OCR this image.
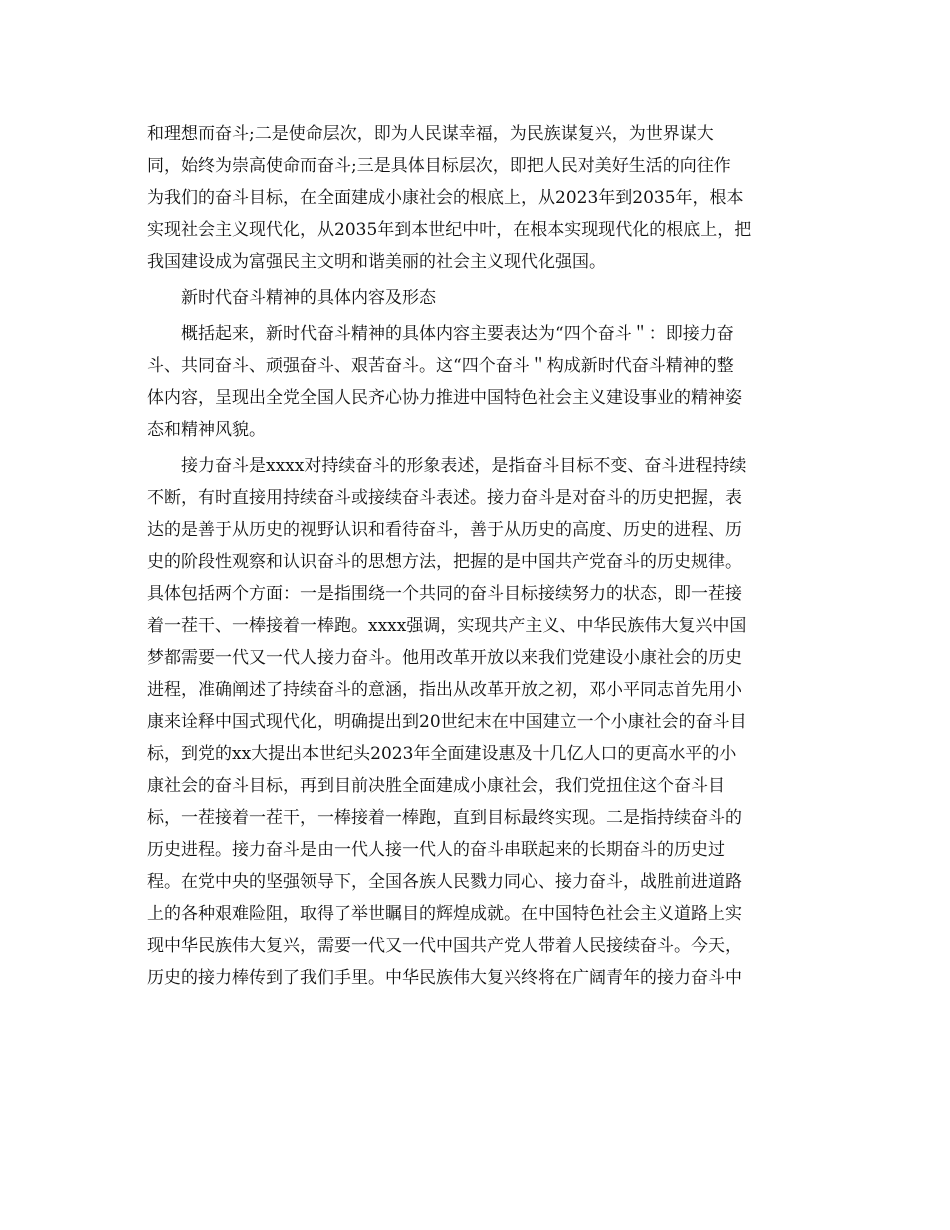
和理想而奋斗;二是使命层次，即为人民谋幸福，为民族谋复兴，为世界谋大
同，始终为崇高使命而奋斗;三是具体目标层次，即把人民对美好生活的向往作
为我们的奋斗目标，在全面建成小康社会的根底上，从2023年到2035年，根本
实现社会主义现代化，从2035年到本世纪中叶，在根本实现现代化的根底上，把
我国建设成为富强民主文明和谐美丽的社会主义现代化强国。
新时代奋斗精神的具体内容及形态
概括起来，新时代奋斗精神的具体内容主要表达为“四个奋斗＂：即接力奋
斗、共同奋斗、顽强奋斗、艰苦奋斗。这“四个奋斗＂构成新时代奋斗精神的整
体内容，呈现出全党全国人民齐心协力推进中国特色社会主义建设事业的精神姿
态和精神风貌。
接力奋斗是xxxx对持续奋斗的形象表述，是指奋斗目标不变、奋斗进程持续
不断，有时直接用持续奋斗或接续奋斗表述。接力奋斗是对奋斗的历史把握，表
达的是善于从历史的视野认识和看待奋斗，善于从历史的高度、历史的进程、历
史的阶段性观察和认识奋斗的思想方法，把握的是中国共产党奋斗的历史规律。
具体包括两个方面：一是指围绕一个共同的奋斗目标接续努力的状态，即一茬接
着一茬干、一棒接着一棒跑。xxxx强调，实现共产主义、中华民族伟大复兴中国
梦都需要一代又一代人接力奋斗。他用改革开放以来我们党建设小康社会的历史
进程，准确阐述了持续奋斗的意涵，指出从改革开放之初，邓小平同志首先用小
康来诠释中国式现代化，明确提出到20世纪末在中国建立一个小康社会的奋斗目
标，到党的xx大提出本世纪头2023年全面建设惠及十几亿人口的更高水平的小
康社会的奋斗目标，再到目前决胜全面建成小康社会，我们党扭住这个奋斗目
标，一茬接着一茬干，一棒接着一棒跑，直到目标最终实现。二是指持续奋斗的
历史进程。接力奋斗是由一代人接一代人的奋斗串联起来的长期奋斗的历史过
程。在党中央的坚强领导下，全国各族人民戮力同心、接力奋斗，战胜前进道路
上的各种艰难险阻，取得了举世瞩目的辉煌成就。在中国特色社会主义道路上实
现中华民族伟大复兴，需要一代又一代中国共产党人带着人民接续奋斗。今天，
历史的接力棒传到了我们手里。中华民族伟大复兴终将在广阔青年的接力奋斗中
